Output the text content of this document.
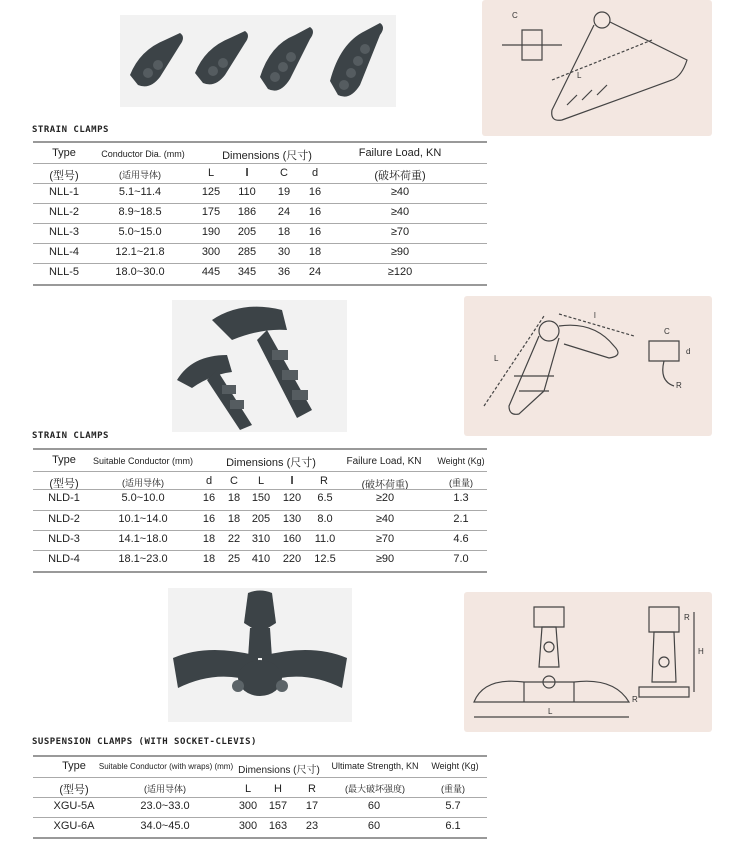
C
L
STRAIN CLAMPS
Type	Conductor Dia. (mm)	Dimensions (尺寸)	Failure Load, KN
(型号)	(适用导体)	L	l	C	d	(破坏荷重)
NLL-1	5.1~11.4	125	110	19	16	≥40
NLL-2	8.9~18.5	175	186	24	16	≥40
NLL-3	5.0~15.0	190	205	18	16	≥70
NLL-4	12.1~21.8	300	285	30	18	≥90
NLL-5	18.0~30.0	445	345	36	24	≥120
L
l
C
d
R
STRAIN CLAMPS
Type	Suitable Conductor (mm)	Dimensions (尺寸)	Failure Load, KN	Weight (Kg)
(型号)	(适用导体)	d	C	L	l	R	(破坏荷重)	(重量)
NLD-1	5.0~10.0	16	18	150	120	6.5	≥20	1.3
NLD-2	10.1~14.0	16	18	205	130	8.0	≥40	2.1
NLD-3	14.1~18.0	18	22	310	160	11.0	≥70	4.6
NLD-4	18.1~23.0	18	25	410	220	12.5	≥90	7.0
R
H
L
R
SUSPENSION CLAMPS (WITH SOCKET-CLEVIS)
Type	Suitable Conductor (with wraps) (mm) Dimensions (尺寸)	Ultimate Strength, KN	Weight (Kg)
(型号)	(适用导体)	L	H	R	(最大破坏强度)	(重量)
XGU-5A	23.0~33.0	300	157	17	60	5.7
XGU-6A	34.0~45.0	300	163	23	60	6.1
